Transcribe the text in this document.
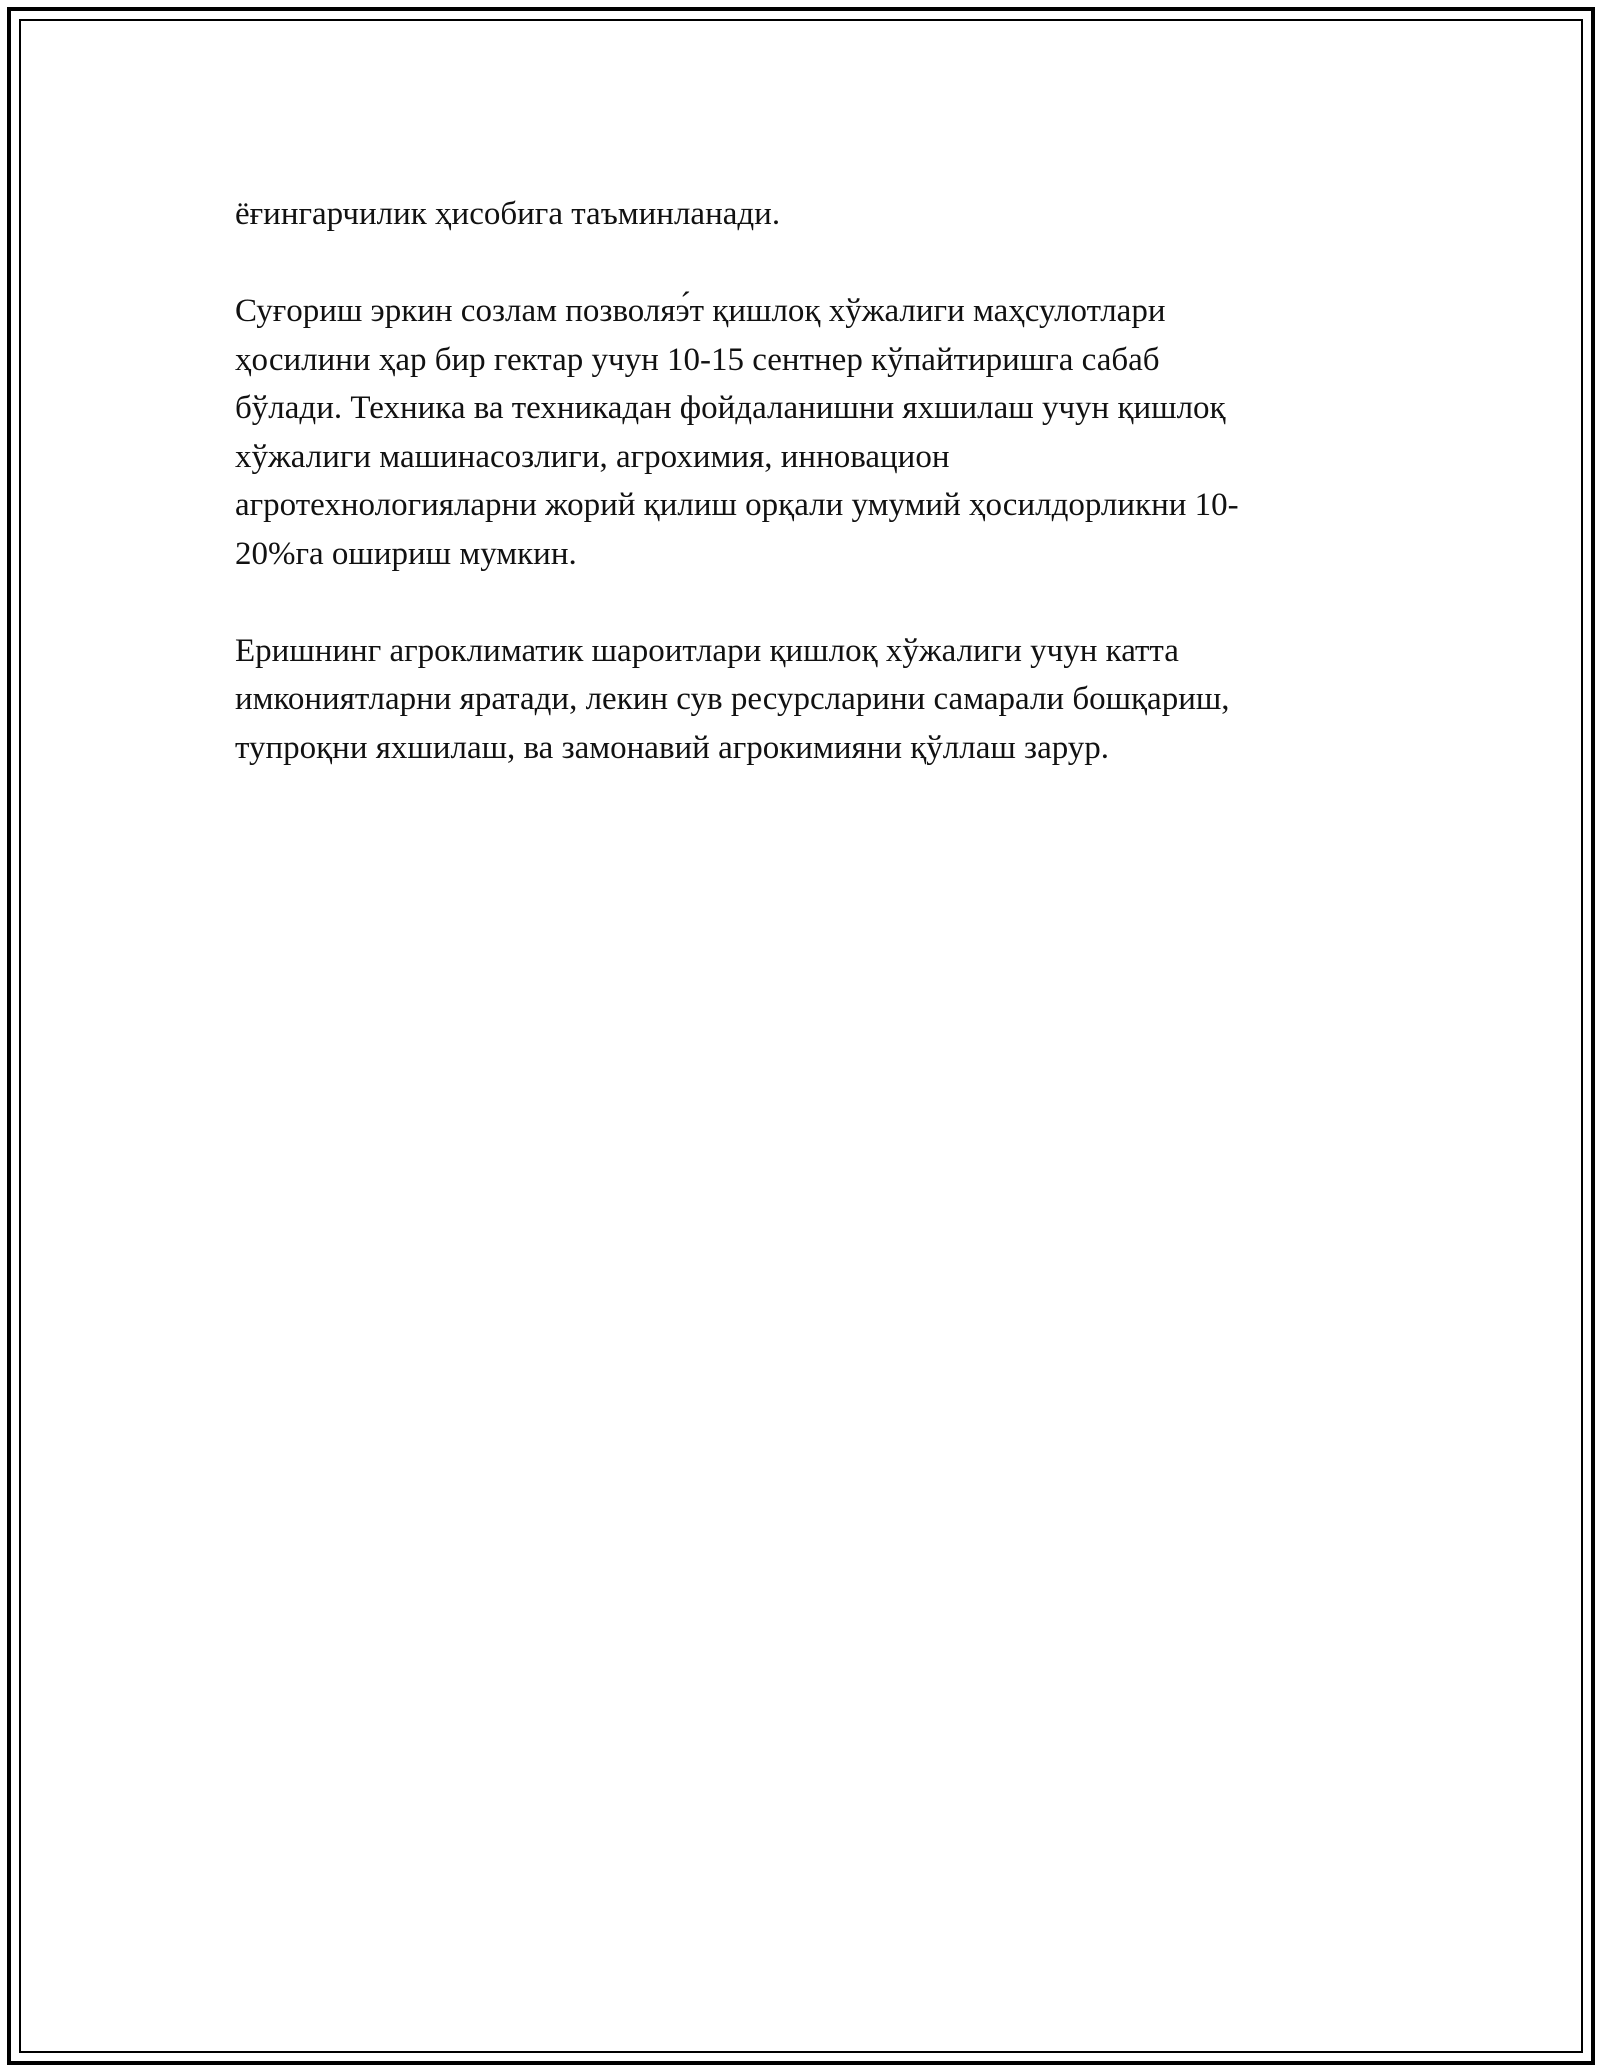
ёғингарчилик ҳисобига таъминланади.

Суғориш эркин созлам позволяэ́т қишлоқ хўжалиги маҳсулотлари
ҳосилини ҳар бир гектар учун 10-15 сентнер кўпайтиришга сабаб
бўлади. Техника ва техникадан фойдаланишни яхшилаш учун қишлоқ
хўжалиги машинасозлиги, агрохимия, инновацион
агротехнологияларни жорий қилиш орқали умумий ҳосилдорликни 10-
20%га ошириш мумкин.

Еришнинг агроклиматик шароитлари қишлоқ хўжалиги учун катта
имкониятларни яратади, лекин сув ресурсларини самарали бошқариш,
тупроқни яхшилаш, ва замонавий агрокимияни қўллаш зарур.
